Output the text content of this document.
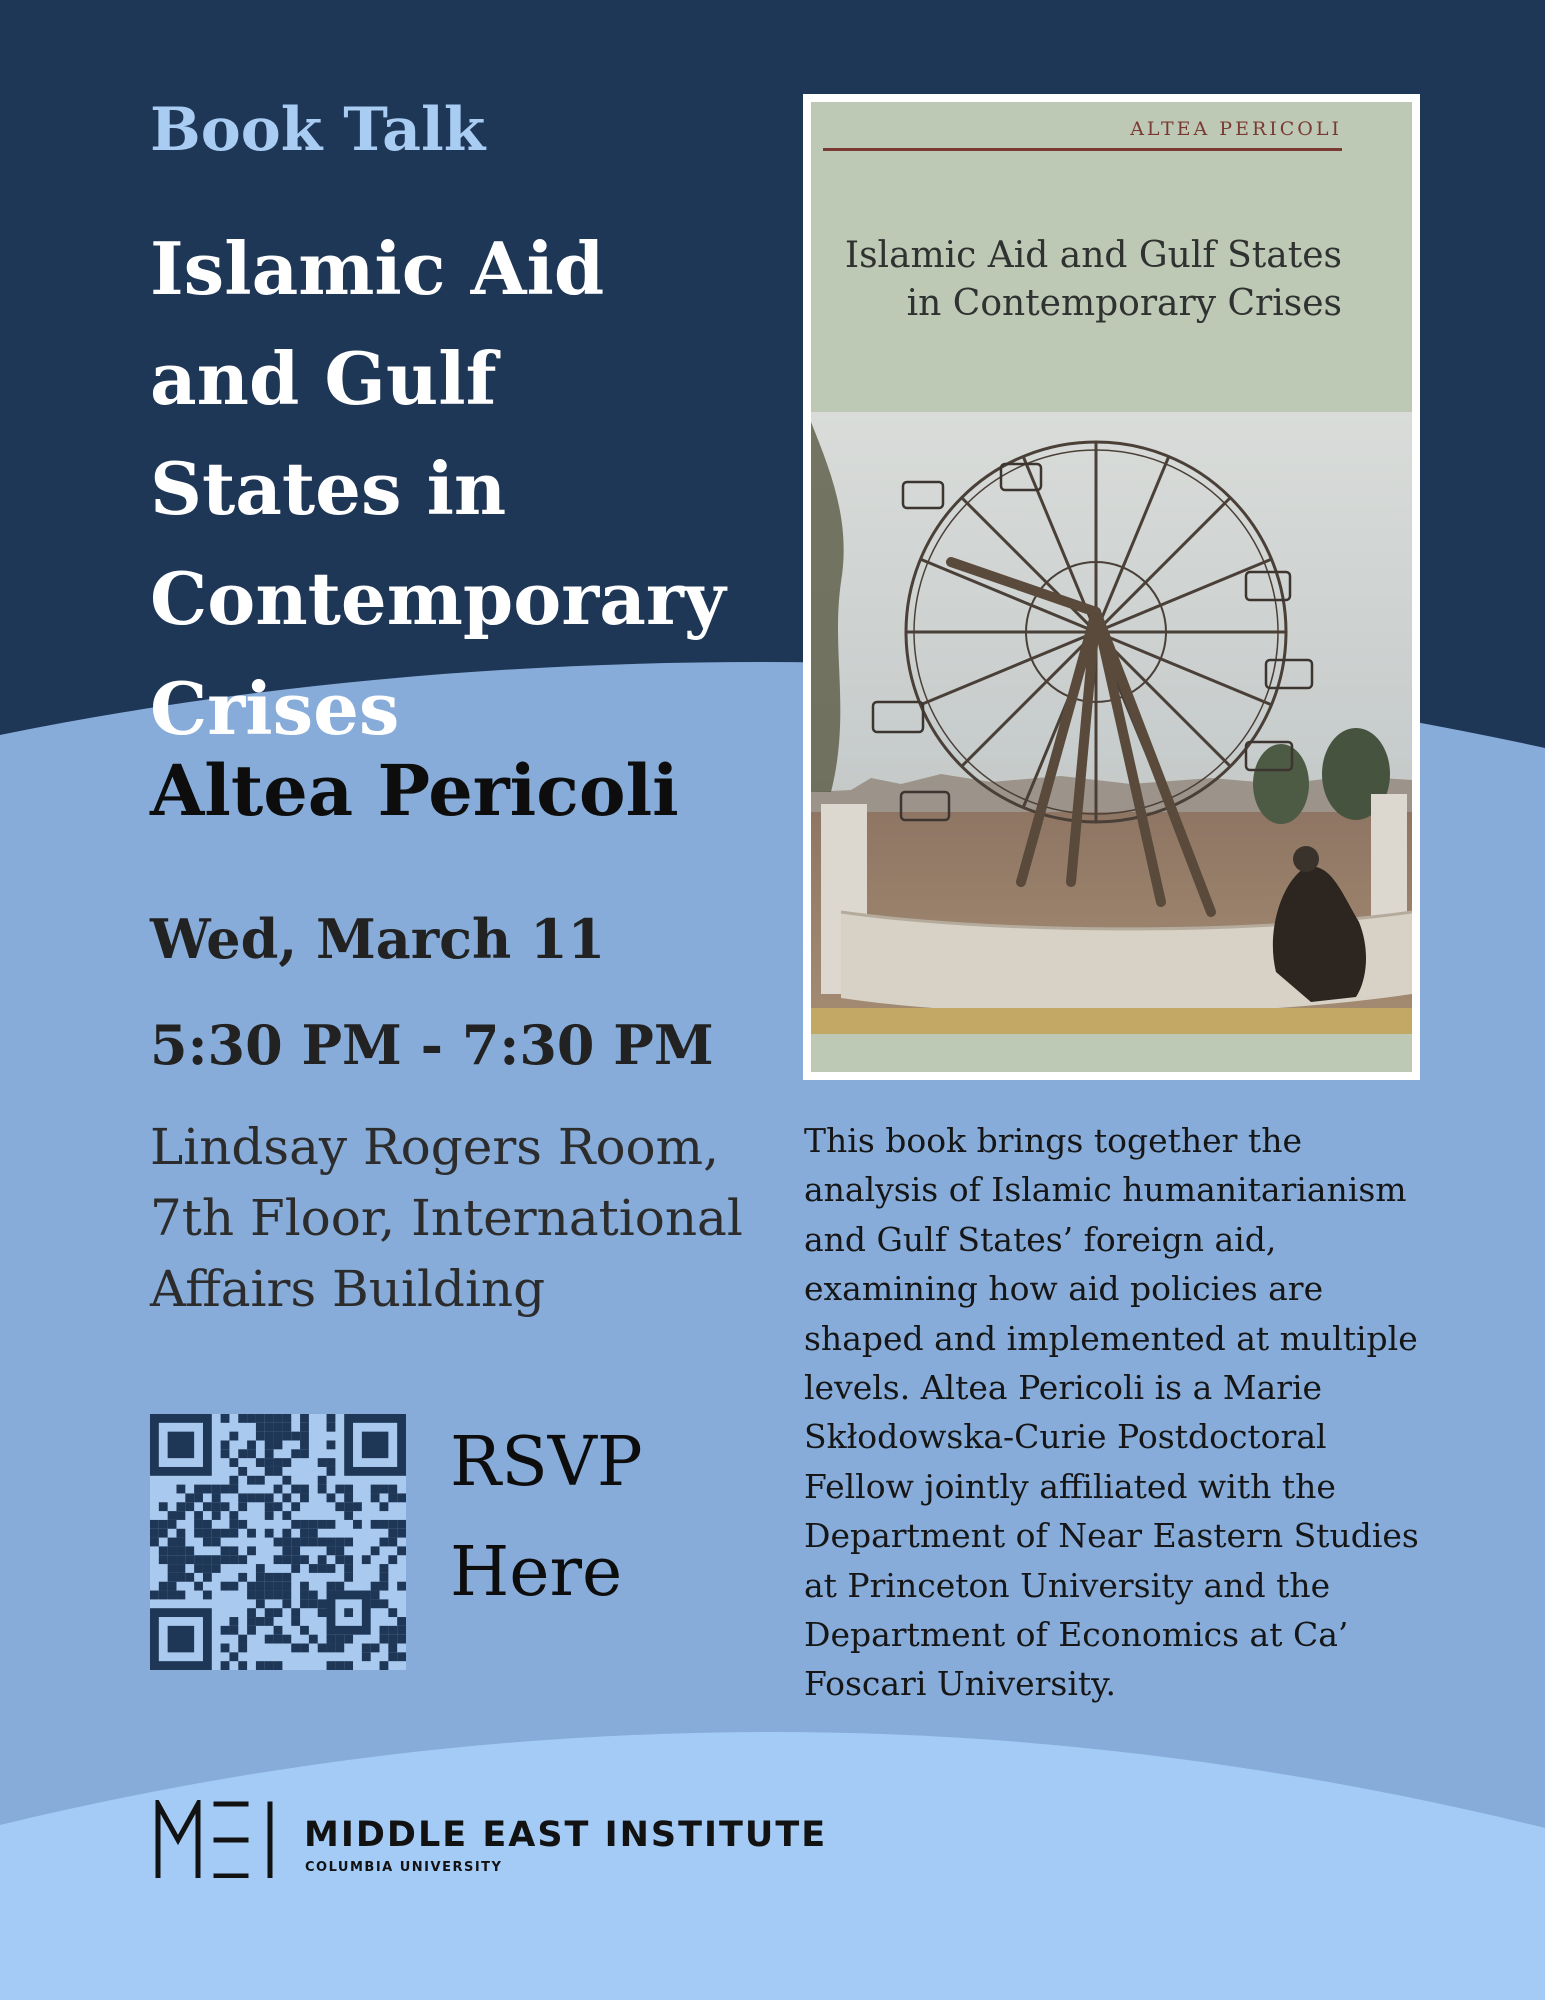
Book Talk
Islamic Aid and Gulf States in Contemporary Crises
Altea Pericoli

Wed, March 11

5:30 PM - 7:30 PM

Lindsay Rogers Room, 7th Floor, International Affairs Building

RSVP Here

ALTEA PERICOLI

Islamic Aid and Gulf States
in Contemporary Crises

This book brings together the analysis of Islamic humanitarianism and Gulf States’ foreign aid, examining how aid policies are shaped and implemented at multiple levels. Altea Pericoli is a Marie Skłodowska-Curie Postdoctoral Fellow jointly affiliated with the Department of Near Eastern Studies at Princeton University and the Department of Economics at Ca’ Foscari University.

MIDDLE EAST INSTITUTE

COLUMBIA UNIVERSITY
